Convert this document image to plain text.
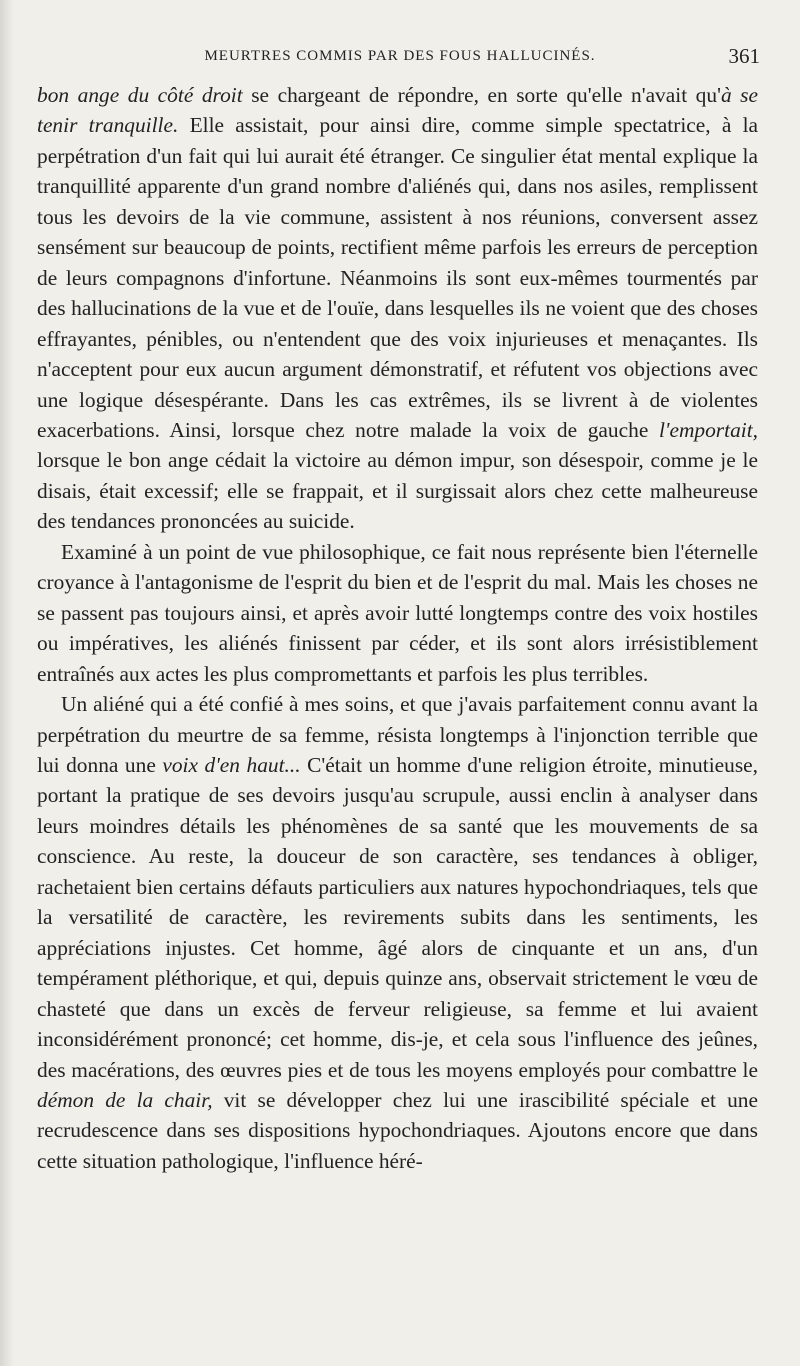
MEURTRES COMMIS PAR DES FOUS HALLUCINÉS.	361

bon ange du côté droit se chargeant de répondre, en sorte qu'elle n'avait qu'à se tenir tranquille. Elle assistait, pour ainsi dire, comme simple spectatrice, à la perpétration d'un fait qui lui aurait été étranger. Ce singulier état mental explique la tranquillité apparente d'un grand nombre d'aliénés qui, dans nos asiles, remplissent tous les devoirs de la vie commune, assistent à nos réunions, conversent assez sensément sur beaucoup de points, rectifient même parfois les erreurs de perception de leurs compagnons d'infortune. Néanmoins ils sont eux-mêmes tourmentés par des hallucinations de la vue et de l'ouïe, dans lesquelles ils ne voient que des choses effrayantes, pénibles, ou n'entendent que des voix injurieuses et menaçantes. Ils n'acceptent pour eux aucun argument démonstratif, et réfutent vos objections avec une logique désespérante. Dans les cas extrêmes, ils se livrent à de violentes exacerbations. Ainsi, lorsque chez notre malade la voix de gauche l'emportait, lorsque le bon ange cédait la victoire au démon impur, son désespoir, comme je le disais, était excessif; elle se frappait, et il surgissait alors chez cette malheureuse des tendances prononcées au suicide.

Examiné à un point de vue philosophique, ce fait nous représente bien l'éternelle croyance à l'antagonisme de l'esprit du bien et de l'esprit du mal. Mais les choses ne se passent pas toujours ainsi, et après avoir lutté longtemps contre des voix hostiles ou impératives, les aliénés finissent par céder, et ils sont alors irrésistiblement entraînés aux actes les plus compromettants et parfois les plus terribles.

Un aliéné qui a été confié à mes soins, et que j'avais parfaitement connu avant la perpétration du meurtre de sa femme, résista longtemps à l'injonction terrible que lui donna une voix d'en haut... C'était un homme d'une religion étroite, minutieuse, portant la pratique de ses devoirs jusqu'au scrupule, aussi enclin à analyser dans leurs moindres détails les phénomènes de sa santé que les mouvements de sa conscience. Au reste, la douceur de son caractère, ses tendances à obliger, rachetaient bien certains défauts particuliers aux natures hypochondriaques, tels que la versatilité de caractère, les revirements subits dans les sentiments, les appréciations injustes. Cet homme, âgé alors de cinquante et un ans, d'un tempérament pléthorique, et qui, depuis quinze ans, observait strictement le vœu de chasteté que dans un excès de ferveur religieuse, sa femme et lui avaient inconsidérément prononcé; cet homme, dis-je, et cela sous l'influence des jeûnes, des macérations, des œuvres pies et de tous les moyens employés pour combattre le démon de la chair, vit se développer chez lui une irascibilité spéciale et une recrudescence dans ses dispositions hypochondriaques. Ajoutons encore que dans cette situation pathologique, l'influence héré-
